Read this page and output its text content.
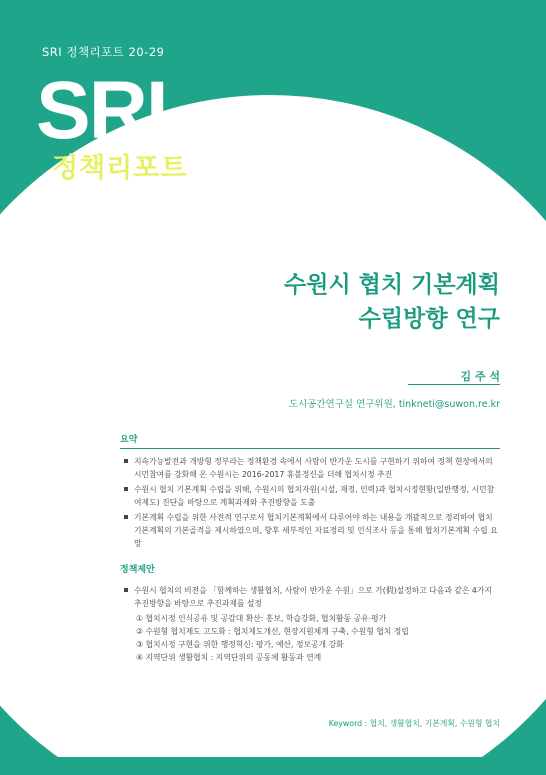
SRI 정책리포트 20-29
SRI
정책리포트
수원시 협치 기본계획
수립방향 연구
김 주 석
도시공간연구실 연구위원, tinkneti@suwon.re.kr
요약
지속가능발전과 개방형 정부라는 정책환경 속에서 사람이 반가운 도시를 구현하기 위하여 정책 현장에서의 시민참여를 강화해 온 수원시는 2016-2017 휴볼정신을 더해 협치시정 추진
수원시 협치 기본계획 수립을 위해, 수원시의 협치자원(시설, 재정, 인력)과 협치시정현황(일반행정, 시민참여제도) 진단을 바탕으로 계획과제와 추진방향을 도출
기본계획 수립을 위한 사전적 연구로서 협치기본계획에서 다루어야 하는 내용을 개괄적으로 정리하여 협치 기본계획의 기본골격을 제시하였으며, 향후 세부적인 자료정리 및 인식조사 등을 통해 협치기본계획 수립 요망
정책제안
수원시 협치의 비전을 「함께하는 생활협치, 사람이 반가운 수원」으로 가(假)설정하고 다음과 같은 4가지 추진방향을 바탕으로 추진과제를 설정
① 협치시정 인식공유 및 공감대 확산: 홍보, 학습강화, 협치활동 공유·평가
② 수원형 협치제도 고도화 : 협치제도개선, 현장지원체계 구축, 수원형 협치 정립
③ 협치시정 구현을 위한 행정혁신: 평가, 예산, 정보공개 강화
④ 지역단위 생활협치 : 지역단위의 공동체 활동과 연계
Keyword : 협치, 생활협치, 기본계획, 수원형 협치
